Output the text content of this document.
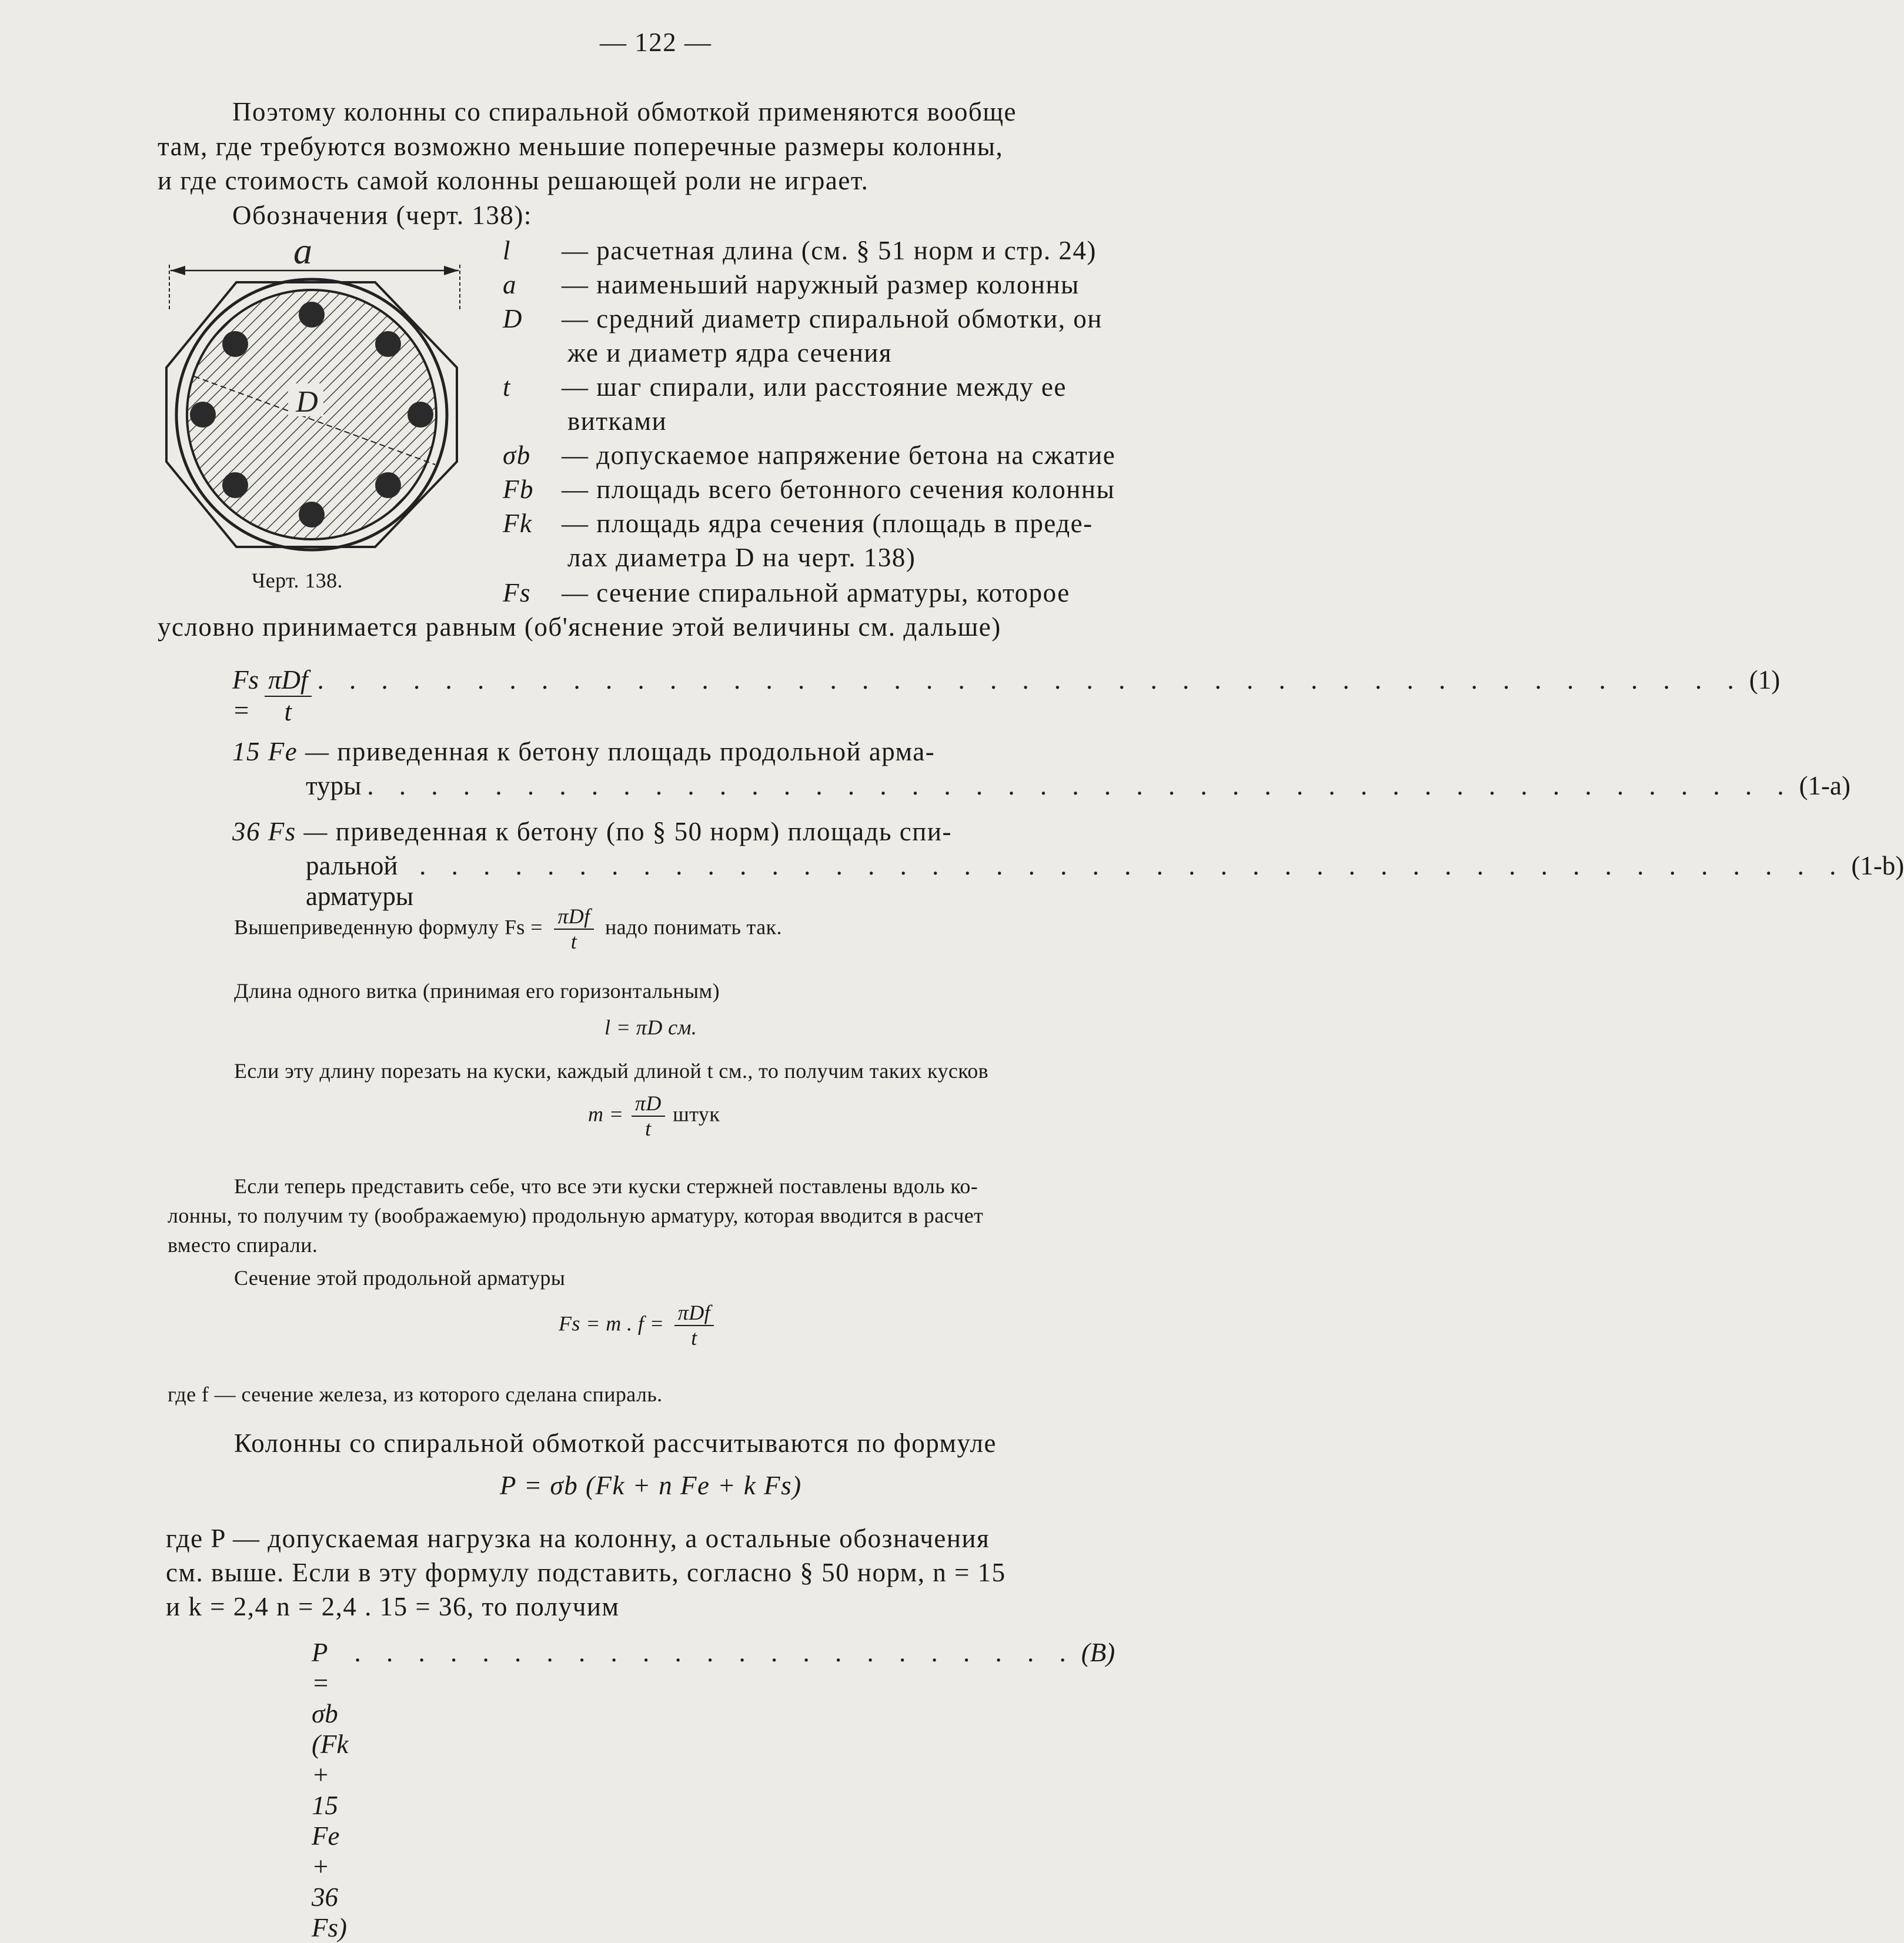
— 122 —
Поэтому колонны со спиральной обмоткой применяются вообще
там, где требуются возможно меньшие поперечные размеры колонны,
и где стоимость самой колонны решающей роли не играет.
Обозначения (черт. 138):
a
D
Черт. 138.
l — расчетная длина (см. § 51 норм и стр. 24)
a — наименьший наружный размер колонны
D — средний диаметр спиральной обмотки, он
же и диаметр ядра сечения
t — шаг спирали, или расстояние между ее
витками
σb — допускаемое напряжение бетона на сжатие
Fb — площадь всего бетонного сечения колонны
Fk — площадь ядра сечения (площадь в преде-
лах диаметра D на черт. 138)
Fs — сечение спиральной арматуры, которое
условно принимается равным (об'яснение этой величины см. дальше)
$Fs = \frac{\text{πDf}}{t}$ . . . . . . . . . . . . . . . . . . . . . . . . . . . . . . . . . . . . . . . . . . . . . (1)
15 Fe — приведенная к бетону площадь продольной арма-
туры . . . . . . . . . . . . . . . . . . . . . . . . . . . . . . . . . . . . . . . . . . . . . (1-а)
36 Fs — приведенная к бетону (по § 50 норм) площадь спи-
ральной арматуры
. . . . . . . . . . . . . . . . . . . . . . . . . . . . . . . . . . . . . . . . . . . . . (1-b)
Вышеприведенную формулу $Fs = \frac{\text{πDf}}{t}$ надо понимать так.
Длина одного витка (принимая его горизонтальным)
l = πD см.
Если эту длину порезать на куски, каждый длиной t см., то получим таких кусков
$m = \frac{\pi D}{t}$ штук
Если теперь представить себе, что все эти куски стержней поставлены вдоль ко-
лонны, то получим ту (воображаемую) продольную арматуру, которая вводится в расчет
вместо спирали.
Сечение этой продольной арматуры
Fs = m . $f = \frac{\text{πDf}}{t}$
где f — сечение железа, из которого сделана спираль.
Колонны со спиральной обмоткой рассчитываются по формуле
P = σb (Fk + n Fe + k Fs)
где P — допускаемая нагрузка на колонну, а остальные обозначения
см. выше. Если в эту формулу подставить, согласно § 50 норм, n = 15
и k = 2,4 n = 2,4 . 15 = 36, то получим
P = σb (Fk + 15 Fe + 36 Fs)
. . . . . . . . . . . . . . . . . . . . . . . (B)
